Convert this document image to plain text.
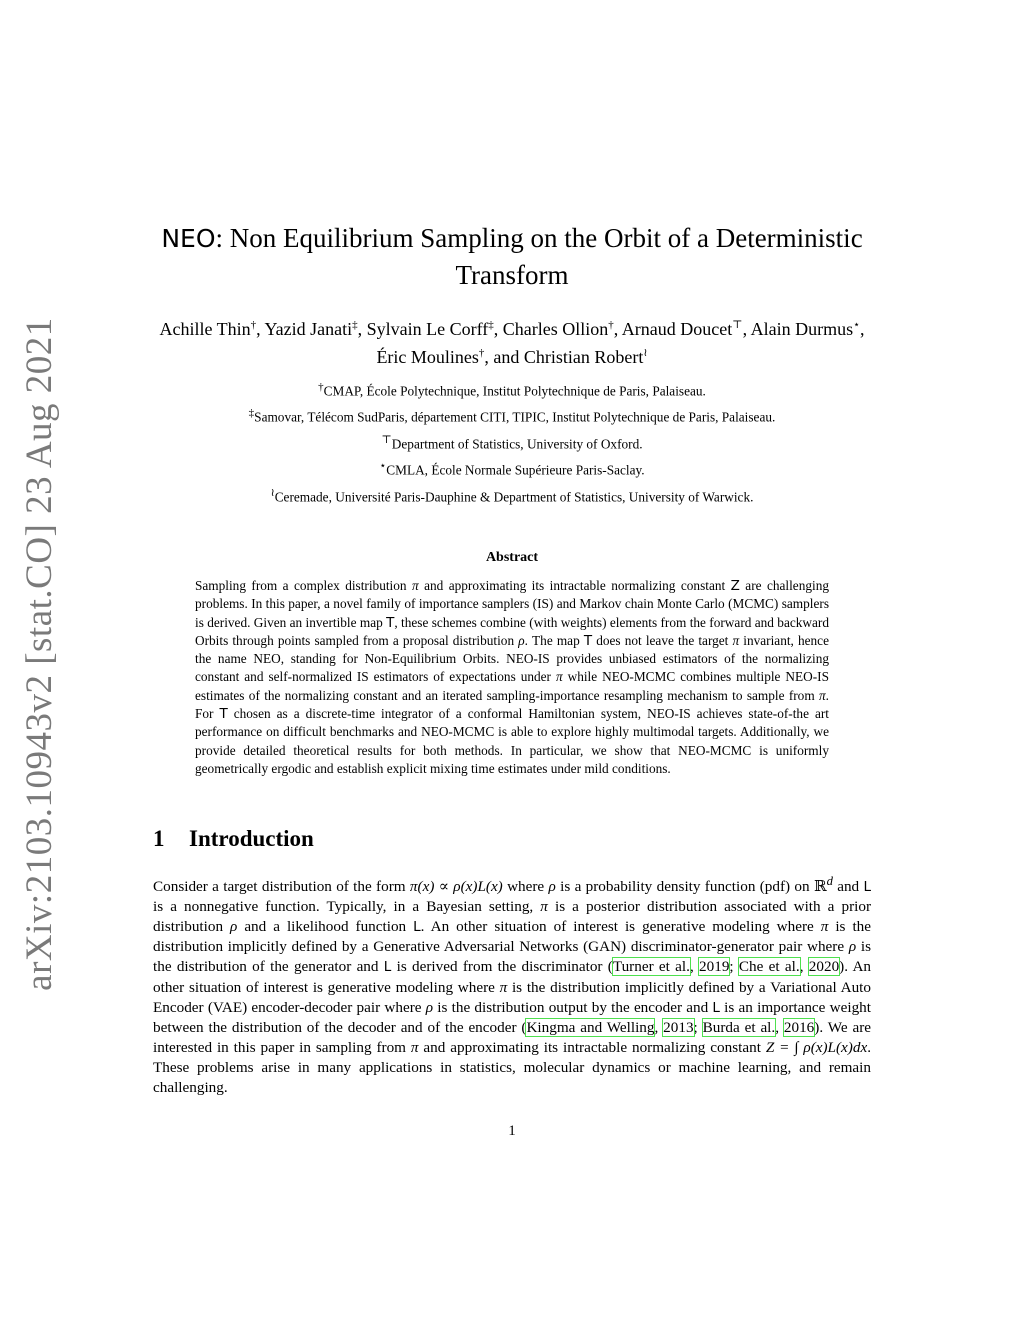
arXiv:2103.10943v2 [stat.CO] 23 Aug 2021
NEO: Non Equilibrium Sampling on the Orbit of a Deterministic Transform
Achille Thin†, Yazid Janati‡, Sylvain Le Corff‡, Charles Ollion†, Arnaud Doucet⊤, Alain Durmus⋆, Éric Moulines†, and Christian Robert≀
†CMAP, École Polytechnique, Institut Polytechnique de Paris, Palaiseau.
‡Samovar, Télécom SudParis, département CITI, TIPIC, Institut Polytechnique de Paris, Palaiseau.
⊤Department of Statistics, University of Oxford.
⋆CMLA, École Normale Supérieure Paris-Saclay.
≀Ceremade, Université Paris-Dauphine & Department of Statistics, University of Warwick.
Abstract

Sampling from a complex distribution π and approximating its intractable normalizing constant Z are challenging problems. In this paper, a novel family of importance samplers (IS) and Markov chain Monte Carlo (MCMC) samplers is derived. Given an invertible map T, these schemes combine (with weights) elements from the forward and backward Orbits through points sampled from a proposal distribution ρ. The map T does not leave the target π invariant, hence the name NEO, standing for Non-Equilibrium Orbits. NEO-IS provides unbiased estimators of the normalizing constant and self-normalized IS estimators of expectations under π while NEO-MCMC combines multiple NEO-IS estimates of the normalizing constant and an iterated sampling-importance resampling mechanism to sample from π. For T chosen as a discrete-time integrator of a conformal Hamiltonian system, NEO-IS achieves state-of-the art performance on difficult benchmarks and NEO-MCMC is able to explore highly multimodal targets. Additionally, we provide detailed theoretical results for both methods. In particular, we show that NEO-MCMC is uniformly geometrically ergodic and establish explicit mixing time estimates under mild conditions.

1 Introduction

Consider a target distribution of the form π(x) ∝ ρ(x)L(x) where ρ is a probability density function (pdf) on ℝ$^d$ and L is a nonnegative function. Typically, in a Bayesian setting, π is a posterior distribution associated with a prior distribution ρ and a likelihood function L. An other situation of interest is generative modeling where π is the distribution implicitly defined by a Generative Adversarial Networks (GAN) discriminator-generator pair where ρ is the distribution of the generator and L is derived from the discriminator (Turner et al., 2019; Che et al., 2020). An other situation of interest is generative modeling where π is the distribution implicitly defined by a Variational Auto Encoder (VAE) encoder-decoder pair where ρ is the distribution output by the encoder and L is an importance weight between the distribution of the decoder and of the encoder (Kingma and Welling, 2013; Burda et al., 2016). We are interested in this paper in sampling from π and approximating its intractable normalizing constant Z = ∫ ρ(x)L(x)dx. These problems arise in many applications in statistics, molecular dynamics or machine learning, and remain challenging.

1
